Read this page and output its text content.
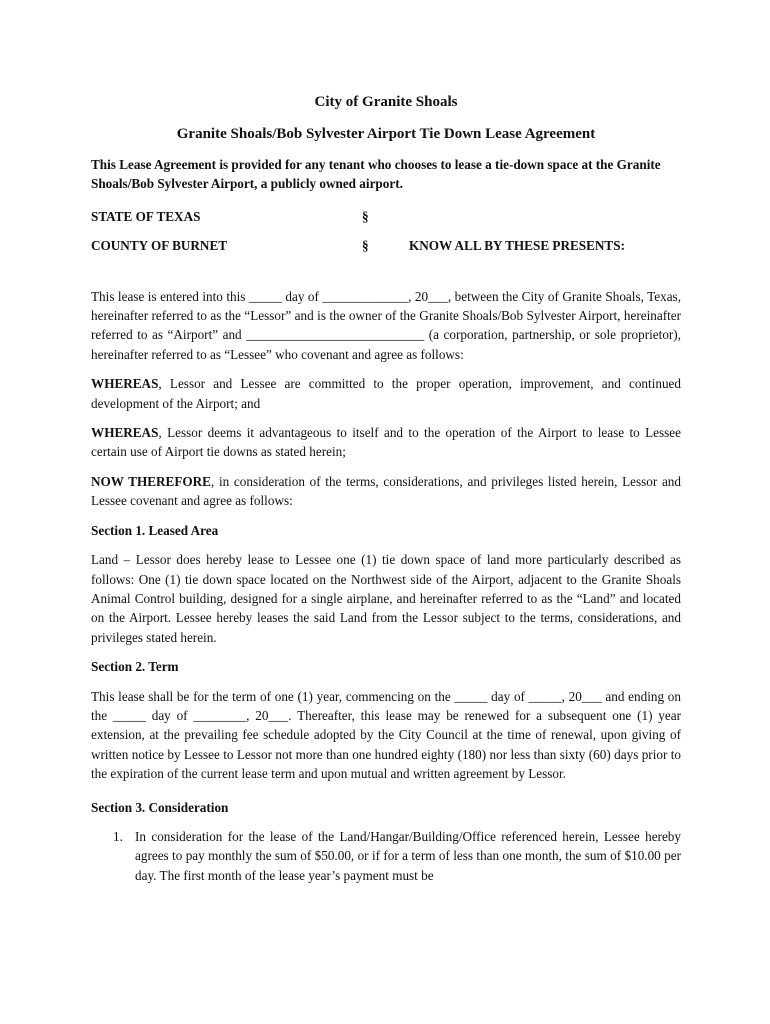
City of Granite Shoals
Granite Shoals/Bob Sylvester Airport Tie Down Lease Agreement
This Lease Agreement is provided for any tenant who chooses to lease a tie-down space at the Granite Shoals/Bob Sylvester Airport, a publicly owned airport.
STATE OF TEXAS	§
COUNTY OF BURNET	§	KNOW ALL BY THESE PRESENTS:

This lease is entered into this _____ day of _____________, 20___, between the City of Granite Shoals, Texas, hereinafter referred to as the “Lessor” and is the owner of the Granite Shoals/Bob Sylvester Airport, hereinafter referred to as “Airport” and ___________________________ (a corporation, partnership, or sole proprietor), hereinafter referred to as “Lessee” who covenant and agree as follows:

WHEREAS, Lessor and Lessee are committed to the proper operation, improvement, and continued development of the Airport; and

WHEREAS, Lessor deems it advantageous to itself and to the operation of the Airport to lease to Lessee certain use of Airport tie downs as stated herein;

NOW THEREFORE, in consideration of the terms, considerations, and privileges listed herein, Lessor and Lessee covenant and agree as follows:

Section 1. Leased Area

Land – Lessor does hereby lease to Lessee one (1) tie down space of land more particularly described as follows: One (1) tie down space located on the Northwest side of the Airport, adjacent to the Granite Shoals Animal Control building, designed for a single airplane, and hereinafter referred to as the “Land” and located on the Airport. Lessee hereby leases the said Land from the Lessor subject to the terms, considerations, and privileges stated herein.

Section 2. Term

This lease shall be for the term of one (1) year, commencing on the _____ day of _____, 20___ and ending on the _____ day of ________, 20___. Thereafter, this lease may be renewed for a subsequent one (1) year extension, at the prevailing fee schedule adopted by the City Council at the time of renewal, upon giving of written notice by Lessee to Lessor not more than one hundred eighty (180) nor less than sixty (60) days prior to the expiration of the current lease term and upon mutual and written agreement by Lessor.

Section 3. Consideration
1. In consideration for the lease of the Land/Hangar/Building/Office referenced herein, Lessee hereby agrees to pay monthly the sum of $50.00, or if for a term of less than one month, the sum of $10.00 per day. The first month of the lease year’s payment must be
